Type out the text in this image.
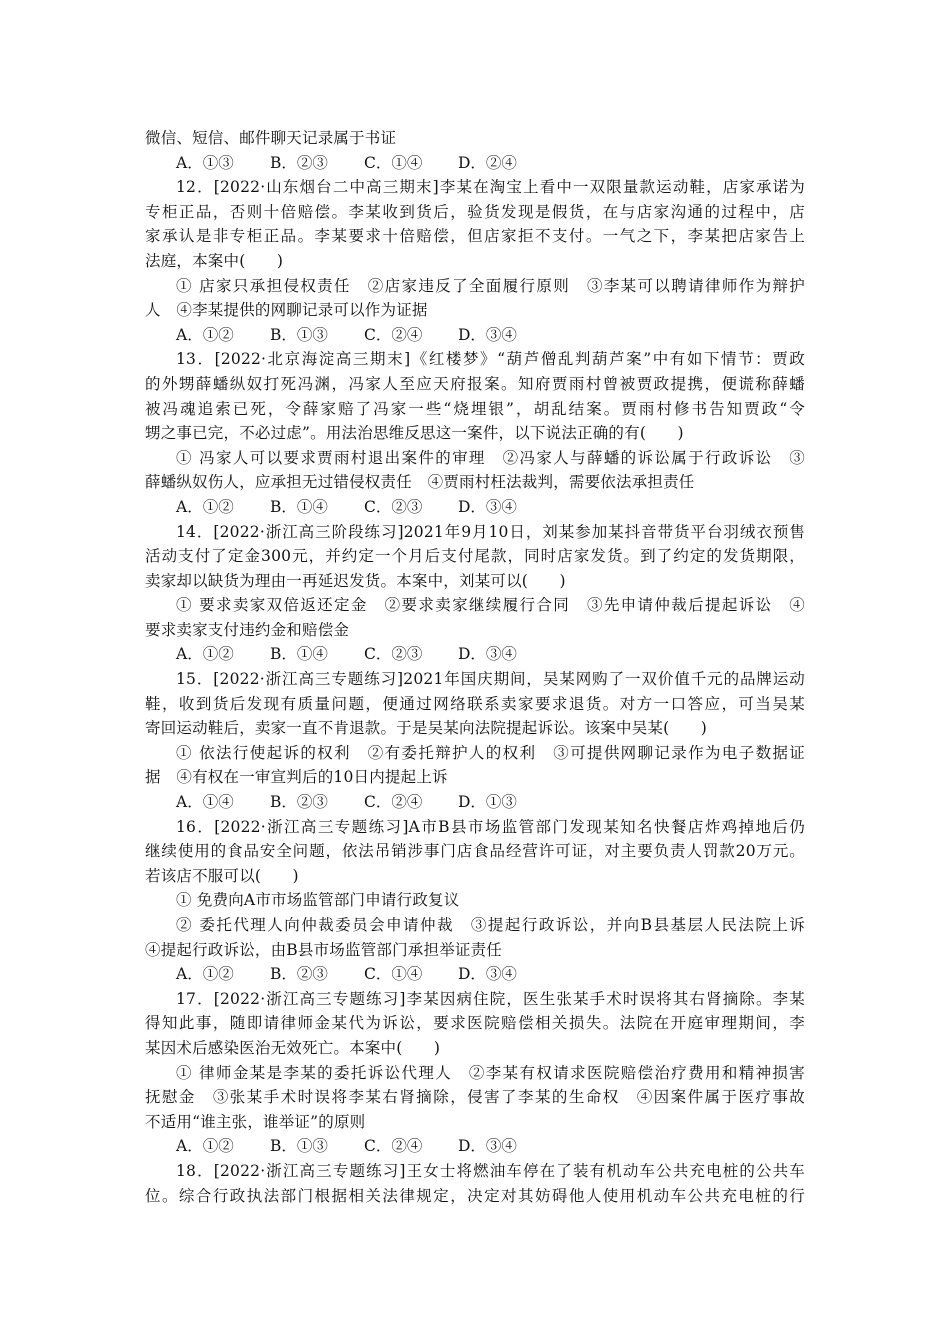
微信、短信、邮件聊天记录属于书证
A．①③	B．②③	C．①④	D．②④
12．[2022·山东烟台二中高三期末]李某在淘宝上看中一双限量款运动鞋，店家承诺为
专柜正品，否则十倍赔偿。李某收到货后，验货发现是假货，在与店家沟通的过程中，店
家承认是非专柜正品。李某要求十倍赔偿，但店家拒不支付。一气之下，李某把店家告上
法庭，本案中(　　)
① 店家只承担侵权责任　②店家违反了全面履行原则　③李某可以聘请律师作为辩护
人　④李某提供的网聊记录可以作为证据
A．①②	B．①③	C．②④	D．③④
13．[2022·北京海淀高三期末]《红楼梦》“葫芦僧乱判葫芦案”中有如下情节：贾政
的外甥薛蟠纵奴打死冯渊，冯家人至应天府报案。知府贾雨村曾被贾政提携，便谎称薛蟠
被冯魂追索已死，令薛家赔了冯家一些“烧埋银”，胡乱结案。贾雨村修书告知贾政“令
甥之事已完，不必过虑”。用法治思维反思这一案件，以下说法正确的有(　　)
① 冯家人可以要求贾雨村退出案件的审理　②冯家人与薛蟠的诉讼属于行政诉讼　③
薛蟠纵奴伤人，应承担无过错侵权责任　④贾雨村枉法裁判，需要依法承担责任
A．①②	B．①④	C．②③	D．③④
14．[2022·浙江高三阶段练习]2021年9月10日，刘某参加某抖音带货平台羽绒衣预售
活动支付了定金300元，并约定一个月后支付尾款，同时店家发货。到了约定的发货期限，
卖家却以缺货为理由一再延迟发货。本案中，刘某可以(　　)
① 要求卖家双倍返还定金　②要求卖家继续履行合同　③先申请仲裁后提起诉讼　④
要求卖家支付违约金和赔偿金
A．①②	B．①④	C．②③	D．③④
15．[2022·浙江高三专题练习]2021年国庆期间，吴某网购了一双价值千元的品牌运动
鞋，收到货后发现有质量问题，便通过网络联系卖家要求退货。对方一口答应，可当吴某
寄回运动鞋后，卖家一直不肯退款。于是吴某向法院提起诉讼。该案中吴某(　　)
① 依法行使起诉的权利　②有委托辩护人的权利　③可提供网聊记录作为电子数据证
据　④有权在一审宣判后的10日内提起上诉
A．①④	B．②③	C．②④	D．①③
16．[2022·浙江高三专题练习]A市B县市场监管部门发现某知名快餐店炸鸡掉地后仍
继续使用的食品安全问题，依法吊销涉事门店食品经营许可证，对主要负责人罚款20万元。
若该店不服可以(　　)
① 免费向A市市场监管部门申请行政复议
② 委托代理人向仲裁委员会申请仲裁　③提起行政诉讼，并向B县基层人民法院上诉
④提起行政诉讼，由B县市场监管部门承担举证责任
A．①②	B．②③	C．①④	D．③④
17．[2022·浙江高三专题练习]李某因病住院，医生张某手术时误将其右肾摘除。李某
得知此事，随即请律师金某代为诉讼，要求医院赔偿相关损失。法院在开庭审理期间，李
某因术后感染医治无效死亡。本案中(　　)
① 律师金某是李某的委托诉讼代理人　②李某有权请求医院赔偿治疗费用和精神损害
抚慰金　③张某手术时误将李某右肾摘除，侵害了李某的生命权　④因案件属于医疗事故
不适用“谁主张，谁举证”的原则
A．①②	B．①③	C．②④	D．③④
18．[2022·浙江高三专题练习]王女士将燃油车停在了装有机动车公共充电桩的公共车
位。综合行政执法部门根据相关法律规定，决定对其妨碍他人使用机动车公共充电桩的行
